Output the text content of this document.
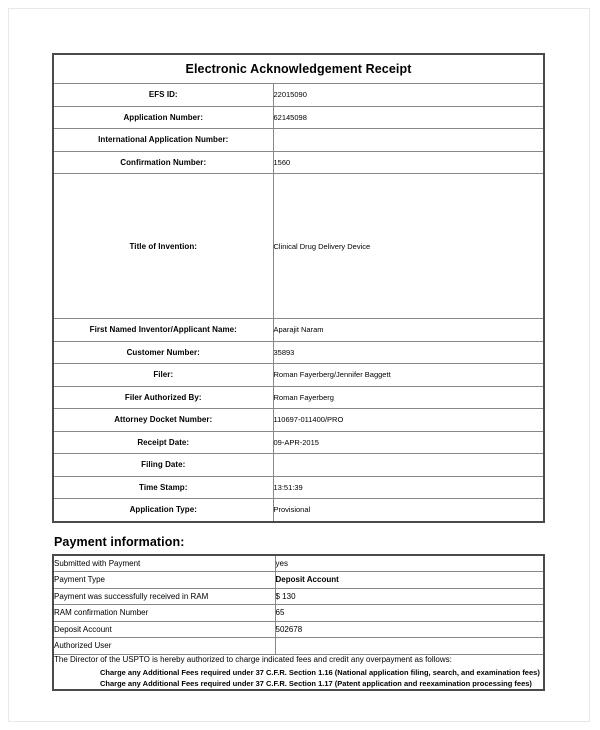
Electronic Acknowledgement Receipt	
EFS ID:	22015090
Application Number:	62145098
International Application Number:	
Confirmation Number:	1560
Title of Invention:	Clinical Drug Delivery Device
First Named Inventor/Applicant Name:	Aparajit Naram
Customer Number:	35893
Filer:	Roman Fayerberg/Jennifer Baggett
Filer Authorized By:	Roman Fayerberg
Attorney Docket Number:	110697-011400/PRO
Receipt Date:	09-APR-2015
Filing Date:	
Time Stamp:	13:51:39
Application Type:	Provisional
Payment information:
Submitted with Payment	yes
Payment Type	Deposit Account
Payment was successfully received in RAM	$ 130
RAM confirmation Number	65
Deposit Account	502678
Authorized User	

The Director of the USPTO is hereby authorized to charge indicated fees and credit any overpayment as follows:
Charge any Additional Fees required under 37 C.F.R. Section 1.16 (National application filing, search, and examination fees)
Charge any Additional Fees required under 37 C.F.R. Section 1.17 (Patent application and reexamination processing fees)	
